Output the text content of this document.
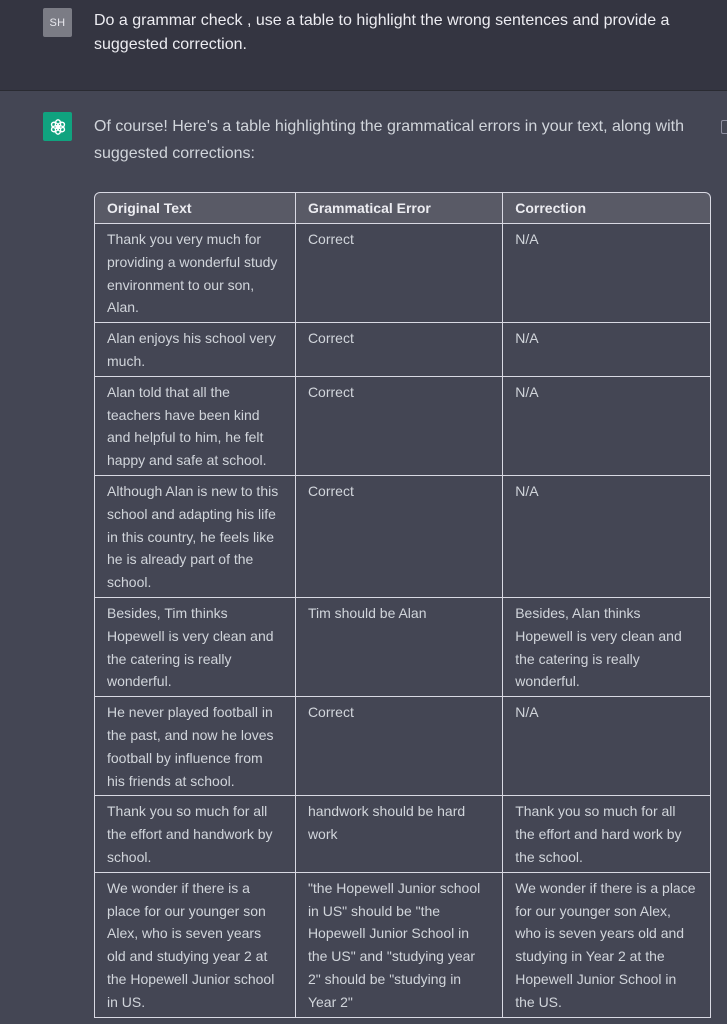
SH	Do a grammar check , use a table to highlight the wrong sentences and provide a suggested correction.
Of course! Here's a table highlighting the grammatical errors in your text, along with suggested corrections:
Original Text	Grammatical Error	Correction
Thank you very much for providing a wonderful study environment to our son, Alan.	Correct	N/A
Alan enjoys his school very much.	Correct	N/A
Alan told that all the teachers have been kind and helpful to him, he felt happy and safe at school.	Correct	N/A
Although Alan is new to this school and adapting his life in this country, he feels like he is already part of the school.	Correct	N/A
Besides, Tim thinks Hopewell is very clean and the catering is really wonderful.	Tim should be Alan	Besides, Alan thinks Hopewell is very clean and the catering is really wonderful.
He never played football in the past, and now he loves football by influence from his friends at school.	Correct	N/A
Thank you so much for all the effort and handwork by school.	handwork should be hard work	Thank you so much for all the effort and hard work by the school.
We wonder if there is a place for our younger son Alex, who is seven years old and studying year 2 at the Hopewell Junior school in US.	"the Hopewell Junior school in US" should be "the Hopewell Junior School in the US" and "studying year 2" should be "studying in Year 2"	We wonder if there is a place for our younger son Alex, who is seven years old and studying in Year 2 at the Hopewell Junior School in the US.
